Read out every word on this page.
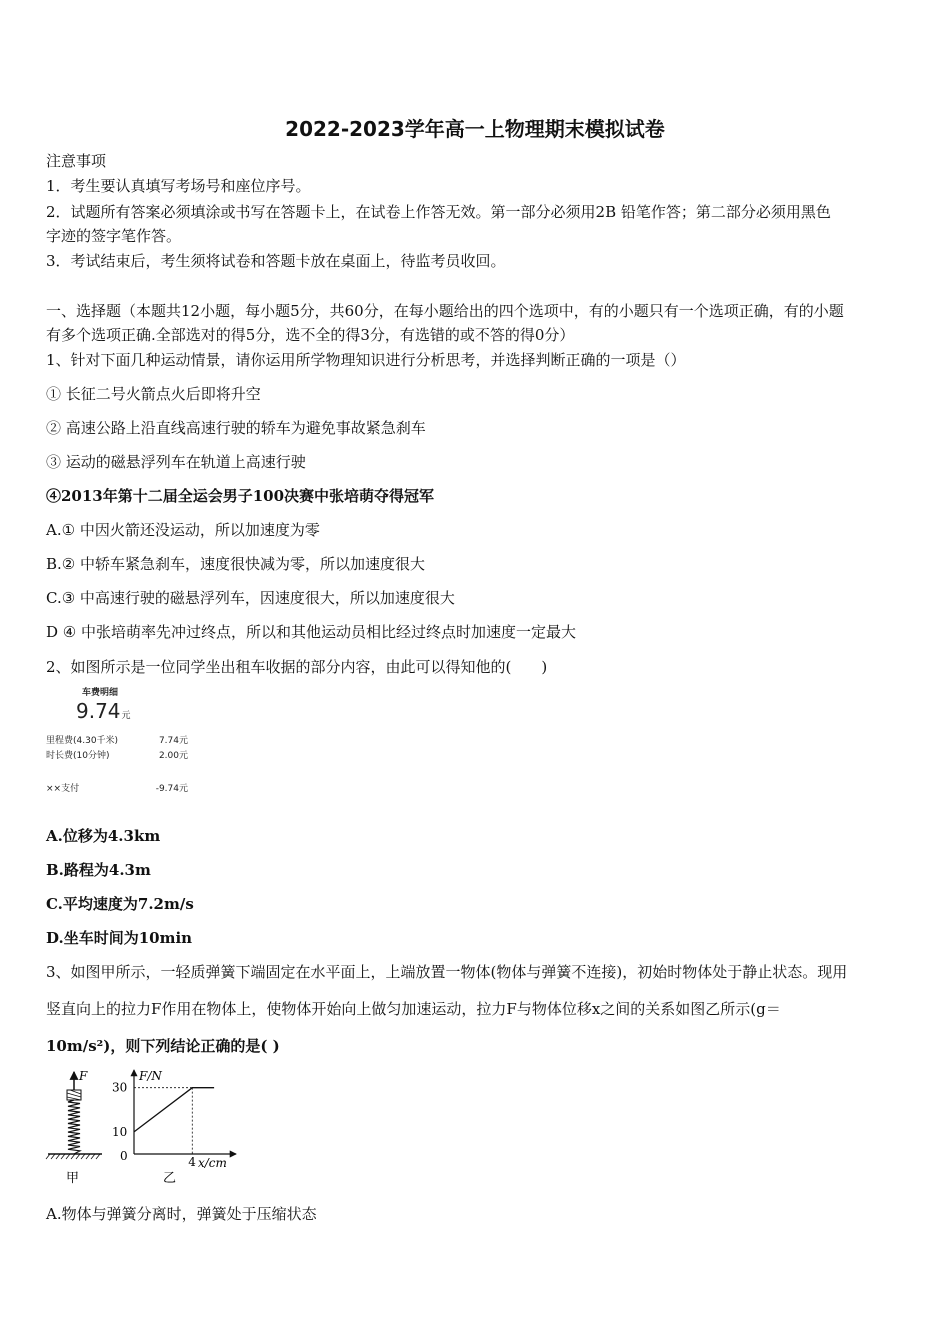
2022-2023学年高一上物理期末模拟试卷
注意事项
1．考生要认真填写考场号和座位序号。
2．试题所有答案必须填涂或书写在答题卡上，在试卷上作答无效。第一部分必须用2B 铅笔作答；第二部分必须用黑色
字迹的签字笔作答。
3．考试结束后，考生须将试卷和答题卡放在桌面上，待监考员收回。
一、选择题（本题共12小题，每小题5分，共60分，在每小题给出的四个选项中，有的小题只有一个选项正确，有的小题
有多个选项正确.全部选对的得5分，选不全的得3分，有选错的或不答的得0分）
1、针对下面几种运动情景，请你运用所学物理知识进行分析思考，并选择判断正确的一项是（）
① 长征二号火箭点火后即将升空
② 高速公路上沿直线高速行驶的轿车为避免事故紧急刹车
③ 运动的磁悬浮列车在轨道上高速行驶
④2013年第十二届全运会男子100决赛中张培萌夺得冠军
A.① 中因火箭还没运动，所以加速度为零
B.② 中轿车紧急刹车，速度很快减为零，所以加速度很大
C.③ 中高速行驶的磁悬浮列车，因速度很大，所以加速度很大
D ④ 中张培萌率先冲过终点，所以和其他运动员相比经过终点时加速度一定最大
2、如图所示是一位同学坐出租车收据的部分内容，由此可以得知他的(　　)
车费明细
9.74元
里程费(4.30千米)	7.74元
时长费(10分钟)	2.00元
××支付	-9.74元
A.位移为4.3km
B.路程为4.3m
C.平均速度为7.2m/s
D.坐车时间为10min
3、如图甲所示，一轻质弹簧下端固定在水平面上，上端放置一物体(物体与弹簧不连接)，初始时物体处于静止状态。现用
竖直向上的拉力F作用在物体上，使物体开始向上做匀加速运动，拉力F与物体位移x之间的关系如图乙所示(g＝
10m/s²)，则下列结论正确的是( )
F
甲
F/N
x/cm
30
10
0	4
乙
A.物体与弹簧分离时，弹簧处于压缩状态
